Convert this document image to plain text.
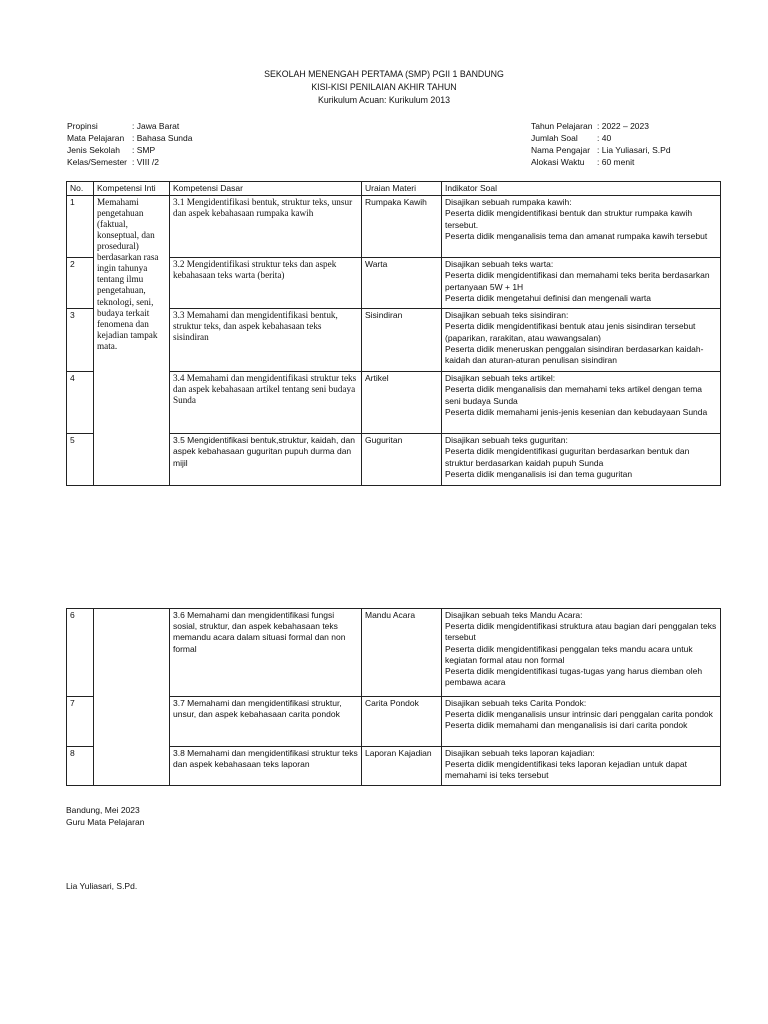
SEKOLAH MENENGAH PERTAMA (SMP) PGII 1 BANDUNG
KISI-KISI PENILAIAN AKHIR TAHUN
Kurikulum Acuan: Kurikulum 2013
Propinsi	: Jawa Barat
Mata Pelajaran : Bahasa Sunda
Jenis Sekolah	: SMP
Kelas/Semester : VIII /2
Tahun Pelajaran : 2022 – 2023
Jumlah Soal	: 40
Nama Pengajar : Lia Yuliasari, S.Pd
Alokasi Waktu	: 60 menit
No.	Kompetensi Inti	Kompetensi Dasar	Uraian Materi	Indikator Soal
1	Memahami pengetahuan (faktual, konseptual, dan prosedural) berdasarkan rasa ingin tahunya tentang ilmu pengetahuan, teknologi, seni, budaya terkait fenomena dan kejadian tampak mata.	3.1 Mengidentifikasi bentuk, struktur teks, unsur dan aspek kebahasaan rumpaka kawih	Rumpaka Kawih	Disajikan sebuah rumpaka kawih:
Peserta didik mengidentifikasi bentuk dan struktur rumpaka kawih tersebut.
Peserta didik menganalisis tema dan amanat rumpaka kawih tersebut

2		3.2 Mengidentifikasi struktur teks dan aspek kebahasaan teks warta (berita)	Warta	Disajikan sebuah teks warta:
Peserta didik mengidentifikasi dan memahami teks berita berdasarkan pertanyaan 5W + 1H
Peserta didik mengetahui definisi dan mengenali warta

3		3.3 Memahami dan mengidentifikasi bentuk, struktur teks, dan aspek kebahasaan teks sisindiran	Sisindiran	Disajikan sebuah teks sisindiran:
Peserta didik mengidentifikasi bentuk atau jenis sisindiran tersebut (paparikan, rarakitan, atau wawangsalan)
Peserta didik meneruskan penggalan sisindiran berdasarkan kaidah-kaidah dan aturan-aturan penulisan sisindiran

4		3.4 Memahami dan mengidentifikasi struktur teks dan aspek kebahasaan artikel tentang seni budaya Sunda	Artikel	Disajikan sebuah teks artikel:
Peserta didik menganalisis dan memahami teks artikel dengan tema seni budaya Sunda
Peserta didik memahami jenis-jenis kesenian dan kebudayaan Sunda

5		3.5 Mengidentifikasi bentuk,struktur, kaidah, dan aspek kebahasaan guguritan pupuh durma dan mijil	Guguritan	Disajikan sebuah teks guguritan:
Peserta didik mengidentifikasi guguritan berdasarkan bentuk dan struktur berdasarkan kaidah pupuh Sunda
Peserta didik menganalisis isi dan tema guguritan
6		3.6 Memahami dan mengidentifikasi fungsi sosial, struktur, dan aspek kebahasaan teks memandu acara dalam situasi formal dan non formal	Mandu Acara	Disajikan sebuah teks Mandu Acara:
Peserta didik mengidentifikasi struktura atau bagian dari penggalan teks tersebut
Peserta didik mengidentifikasi penggalan teks mandu acara untuk kegiatan formal atau non formal
Peserta didik mengidentifikasi tugas-tugas yang harus diemban oleh pembawa acara

7		3.7 Memahami dan mengidentifikasi struktur, unsur, dan aspek kebahasaan carita pondok	Carita Pondok	Disajikan sebuah teks Carita Pondok:
Peserta didik menganalisis unsur intrinsic dari penggalan carita pondok
Peserta didik memahami dan menganalisis isi dari carita pondok

8		3.8 Memahami dan mengidentifikasi struktur teks dan aspek kebahasaan teks laporan	Laporan Kajadian	Disajikan sebuah teks laporan kajadian:
Peserta didik mengidentifikasi teks laporan kejadian untuk dapat memahami isi teks tersebut
Bandung, Mei 2023
Guru Mata Pelajaran
Lia Yuliasari, S.Pd.
